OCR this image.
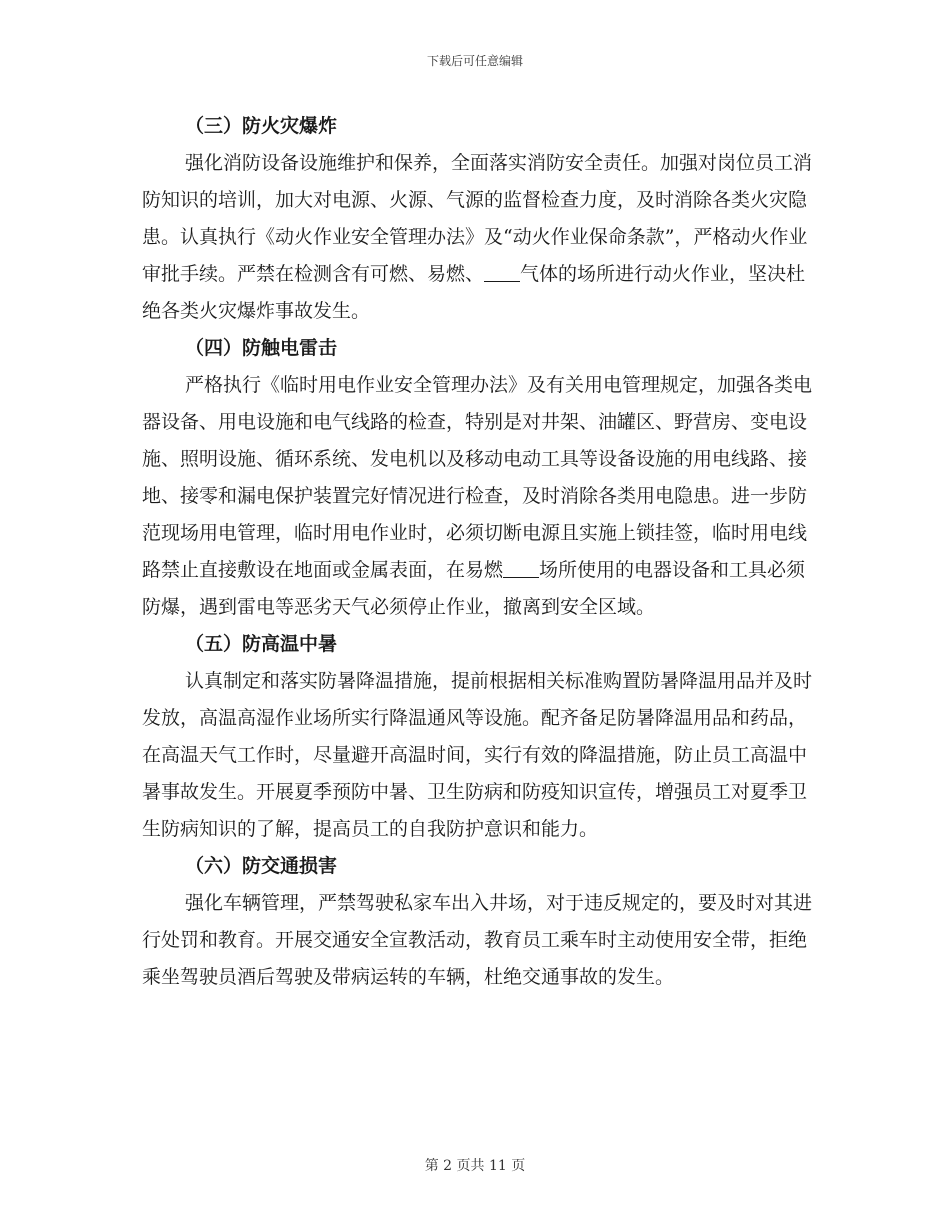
下载后可任意编辑

（三）防火灾爆炸

强化消防设备设施维护和保养，全面落实消防安全责任。加强对岗位员工消防知识的培训，加大对电源、火源、气源的监督检查力度，及时消除各类火灾隐患。认真执行《动火作业安全管理办法》及“动火作业保命条款”，严格动火作业审批手续。严禁在检测含有可燃、易燃、 气体的场所进行动火作业，坚决杜绝各类火灾爆炸事故发生。

（四）防触电雷击

严格执行《临时用电作业安全管理办法》及有关用电管理规定，加强各类电器设备、用电设施和电气线路的检查，特别是对井架、油罐区、野营房、变电设施、照明设施、循环系统、发电机以及移动电动工具等设备设施的用电线路、接地、接零和漏电保护装置完好情况进行检查，及时消除各类用电隐患。进一步防范现场用电管理，临时用电作业时，必须切断电源且实施上锁挂签，临时用电线路禁止直接敷设在地面或金属表面，在易燃 场所使用的电器设备和工具必须防爆，遇到雷电等恶劣天气必须停止作业，撤离到安全区域。

（五）防高温中暑

认真制定和落实防暑降温措施，提前根据相关标准购置防暑降温用品并及时发放，高温高湿作业场所实行降温通风等设施。配齐备足防暑降温用品和药品，在高温天气工作时，尽量避开高温时间，实行有效的降温措施，防止员工高温中暑事故发生。开展夏季预防中暑、卫生防病和防疫知识宣传，增强员工对夏季卫生防病知识的了解，提高员工的自我防护意识和能力。

（六）防交通损害

强化车辆管理，严禁驾驶私家车出入井场，对于违反规定的，要及时对其进行处罚和教育。开展交通安全宣教活动，教育员工乘车时主动使用安全带，拒绝乘坐驾驶员酒后驾驶及带病运转的车辆，杜绝交通事故的发生。

第 2 页共 11 页
